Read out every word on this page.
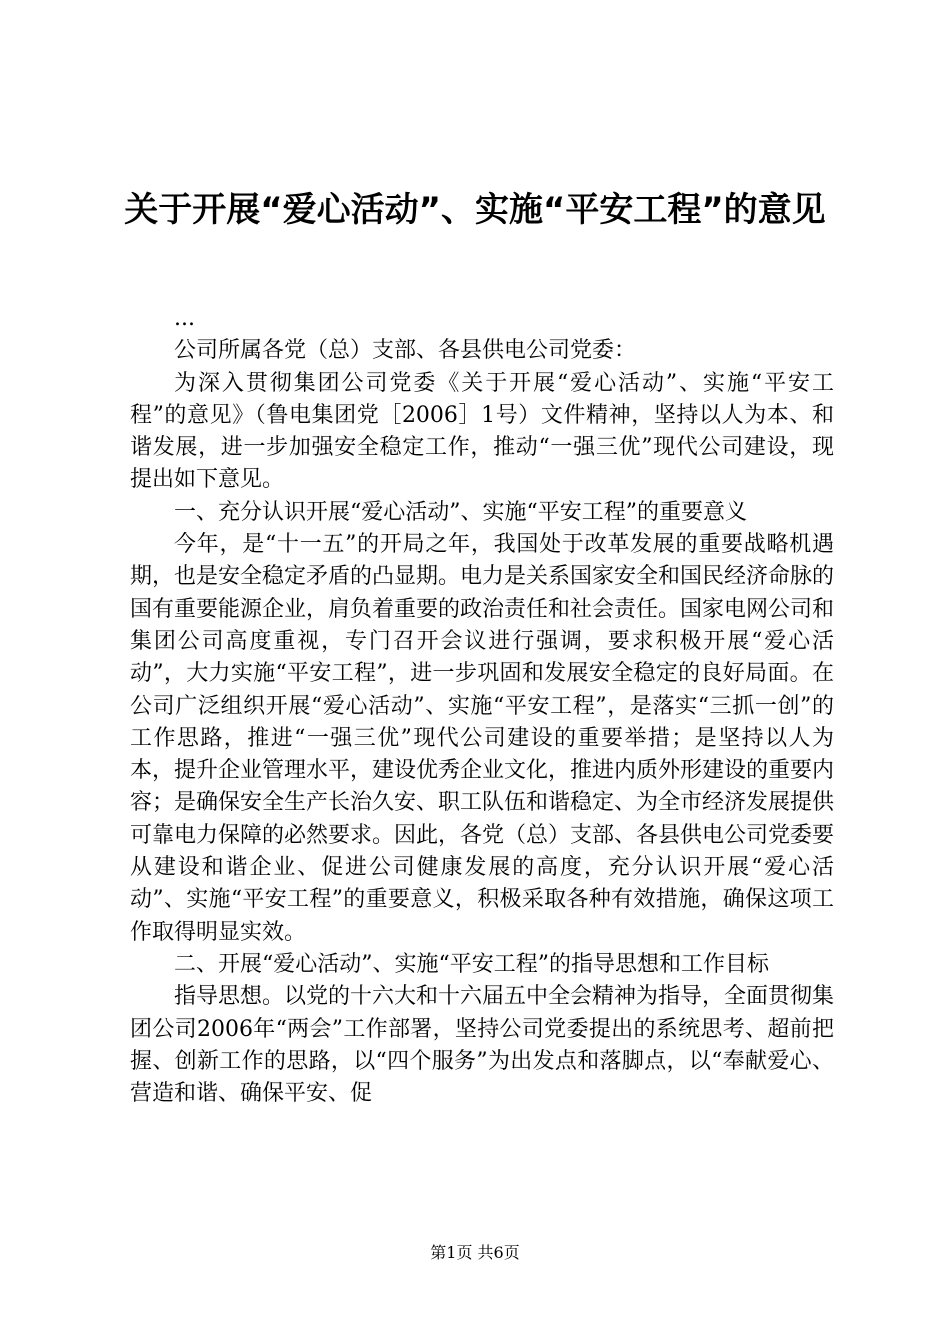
关于开展“爱心活动”、实施“平安工程”的意见

...

公司所属各党（总）支部、各县供电公司党委：

为深入贯彻集团公司党委《关于开展“爱心活动”、实施“平安工程”的意见》（鲁电集团党［2006］1号）文件精神，坚持以人为本、和谐发展，进一步加强安全稳定工作，推动“一强三优”现代公司建设，现提出如下意见。

一、充分认识开展“爱心活动”、实施“平安工程”的重要意义

今年，是“十一五”的开局之年，我国处于改革发展的重要战略机遇期，也是安全稳定矛盾的凸显期。电力是关系国家安全和国民经济命脉的国有重要能源企业，肩负着重要的政治责任和社会责任。国家电网公司和集团公司高度重视，专门召开会议进行强调，要求积极开展“爱心活动”，大力实施“平安工程”，进一步巩固和发展安全稳定的良好局面。在公司广泛组织开展“爱心活动”、实施“平安工程”，是落实“三抓一创”的工作思路，推进“一强三优”现代公司建设的重要举措；是坚持以人为本，提升企业管理水平，建设优秀企业文化，推进内质外形建设的重要内容；是确保安全生产长治久安、职工队伍和谐稳定、为全市经济发展提供可靠电力保障的必然要求。因此，各党（总）支部、各县供电公司党委要从建设和谐企业、促进公司健康发展的高度，充分认识开展“爱心活动”、实施“平安工程”的重要意义，积极采取各种有效措施，确保这项工作取得明显实效。

二、开展“爱心活动”、实施“平安工程”的指导思想和工作目标

指导思想。以党的十六大和十六届五中全会精神为指导，全面贯彻集团公司2006年“两会”工作部署，坚持公司党委提出的系统思考、超前把握、创新工作的思路，以“四个服务”为出发点和落脚点，以“奉献爱心、营造和谐、确保平安、促

第1页 共6页
